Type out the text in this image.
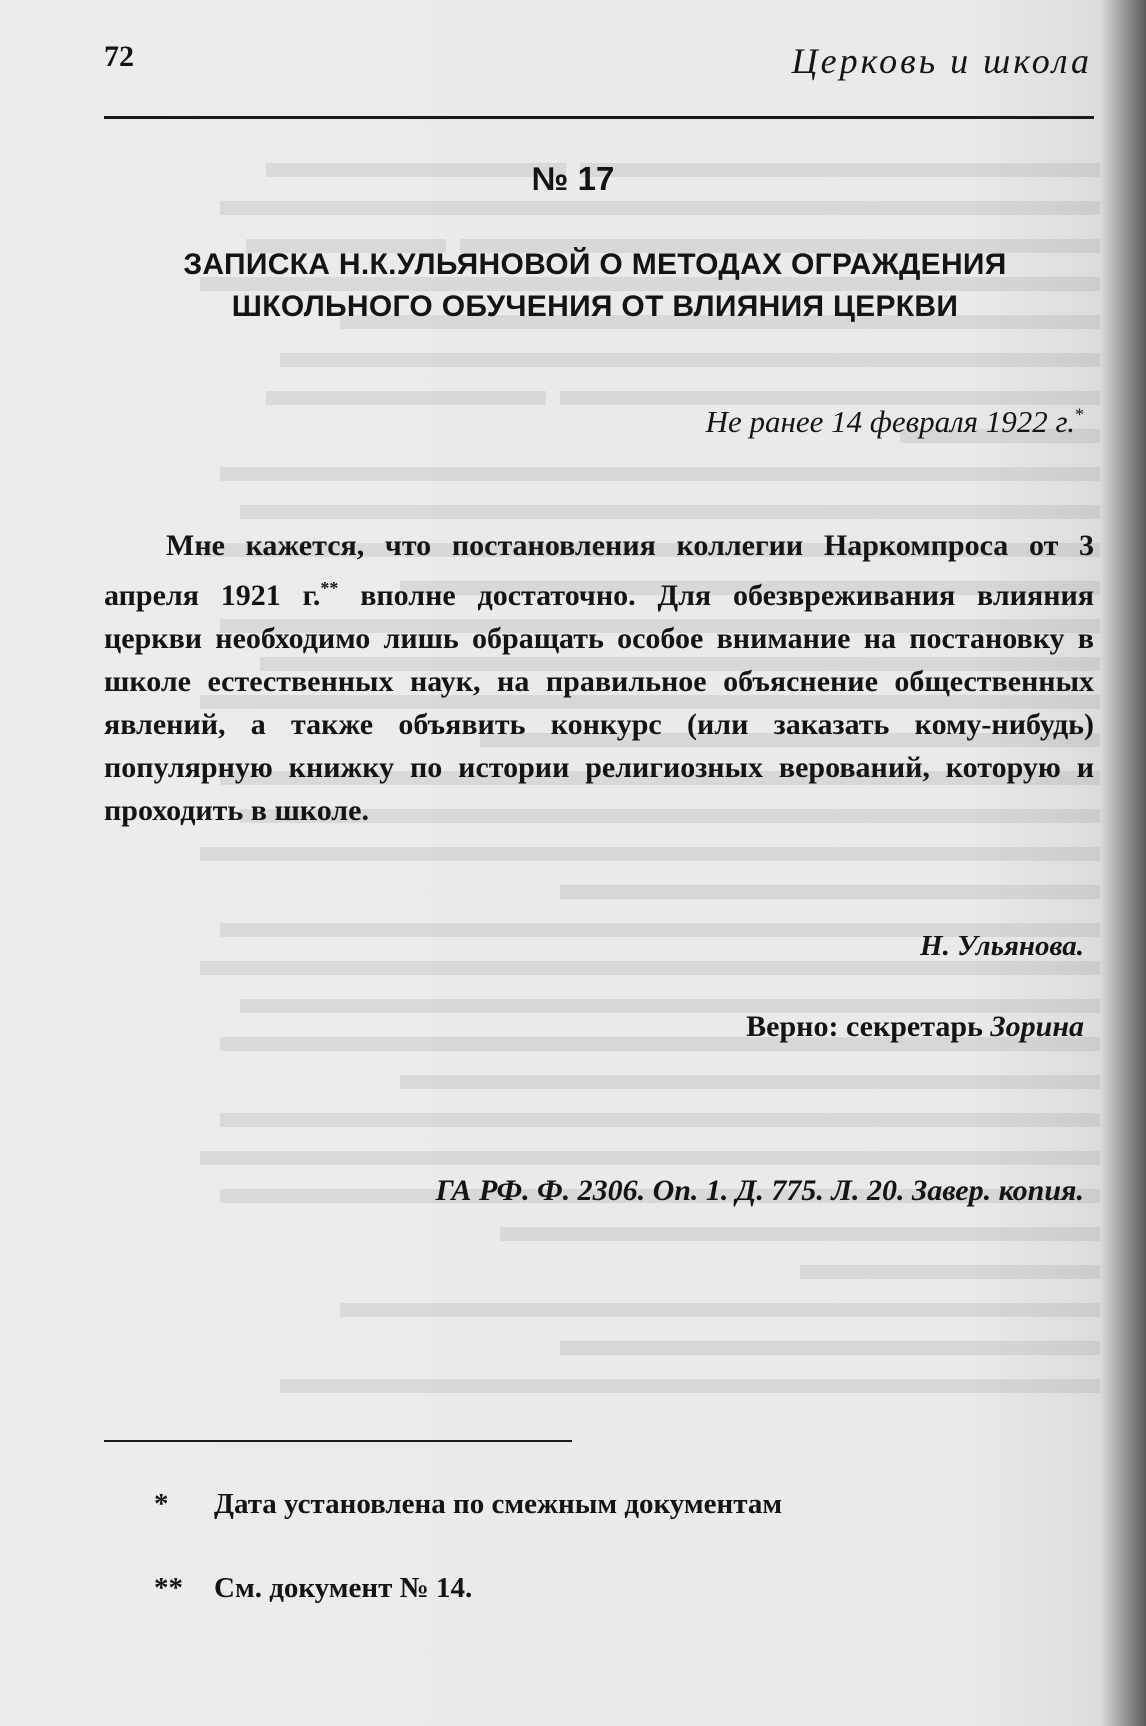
72	Церковь и школа
№ 17
ЗАПИСКА Н.К.УЛЬЯНОВОЙ О МЕТОДАХ ОГРАЖДЕНИЯ ШКОЛЬНОГО ОБУЧЕНИЯ ОТ ВЛИЯНИЯ ЦЕРКВИ
Не ранее 14 февраля 1922 г.*

Мне кажется, что постановления коллегии Наркомпроса от 3 апреля 1921 г.** вполне достаточно. Для обезвреживания влияния церкви необходимо лишь обращать особое внимание на постановку в школе естественных наук, на правильное объяснение общественных явлений, а также объявить конкурс (или заказать кому-нибудь) популярную книжку по истории религиозных верований, которую и проходить в школе.

Н. Ульянова.
Верно: секретарь Зорина
ГА РФ. Ф. 2306. Оп. 1. Д. 775. Л. 20. Завер. копия.
* Дата установлена по смежным документам
** См. документ № 14.
